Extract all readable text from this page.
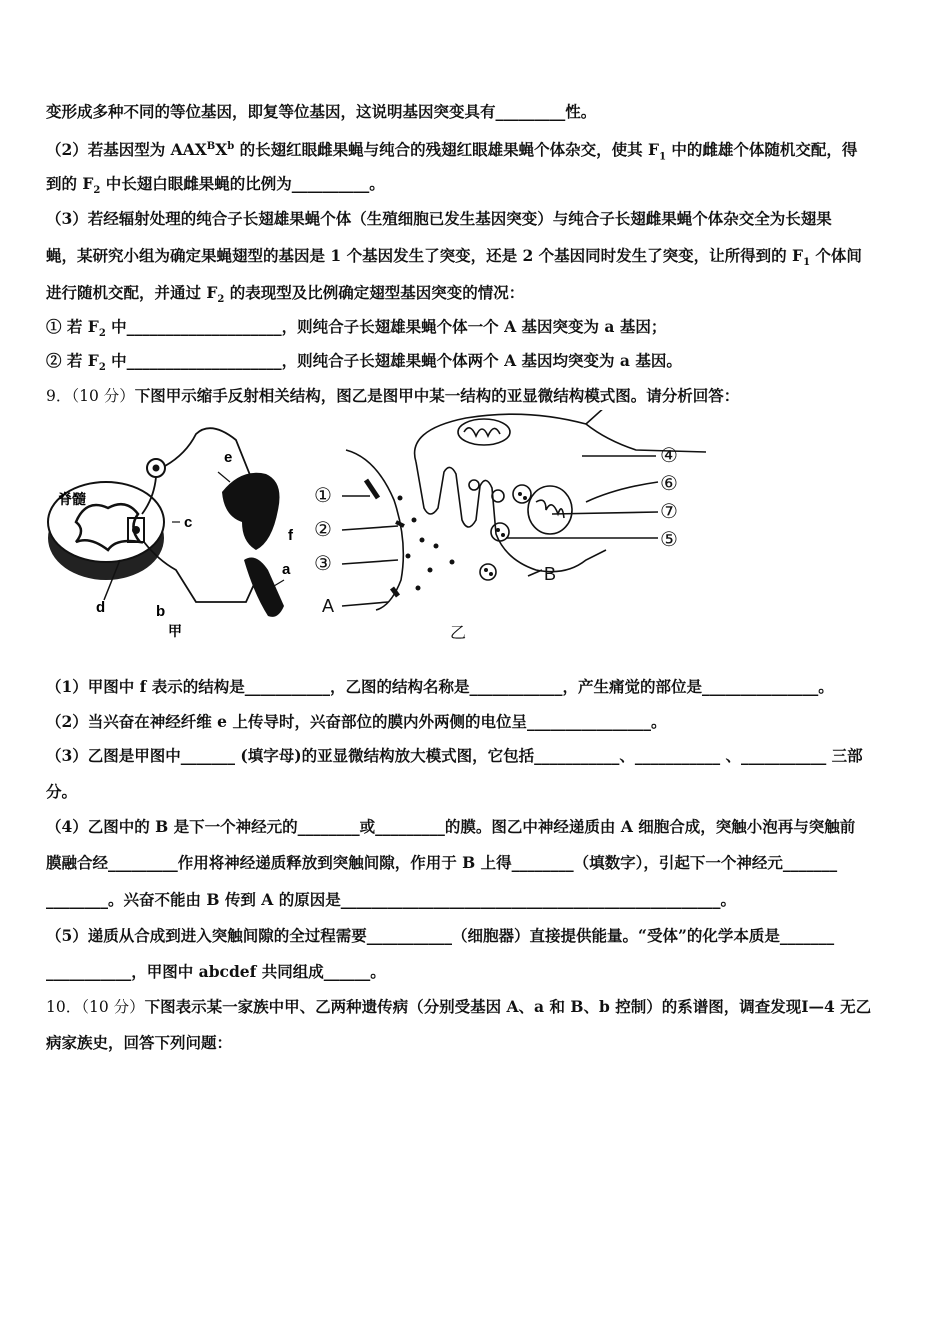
变形成多种不同的等位基因，即复等位基因，这说明基因突变具有_________性。
（2）若基因型为 $AAX^BX^b$ 的长翅红眼雌果蝇与纯合的残翅红眼雄果蝇个体杂交，使其 $F_1$ 中的雌雄个体随机交配，得
到的 $F_2$ 中长翅白眼雌果蝇的比例为__________。
（3）若经辐射处理的纯合子长翅雄果蝇个体（生殖细胞已发生基因突变）与纯合子长翅雌果蝇个体杂交全为长翅果
蝇，某研究小组为确定果蝇翅型的基因是 1 个基因发生了突变，还是 2 个基因同时发生了突变，让所得到的 $F_1$ 个体间
进行随机交配，并通过 $F_2$ 的表现型及比例确定翅型基因突变的情况：
① 若 $F_2$ 中____________________，则纯合子长翅雄果蝇个体一个 A 基因突变为 a 基因；
② 若 $F_2$ 中____________________，则纯合子长翅雄果蝇个体两个 A 基因均突变为 a 基因。
9．（10 分）下图甲示缩手反射相关结构，图乙是图甲中某一结构的亚显微结构模式图。请分析回答：
脊髓
e
c
f
a
d	b
甲
①
②
③
A
④
⑥
⑦
⑤
B
乙
（1）甲图中 f 表示的结构是___________，乙图的结构名称是____________，产生痛觉的部位是_______________。
（2）当兴奋在神经纤维 e 上传导时，兴奋部位的膜内外两侧的电位呈________________。
（3）乙图是甲图中_______ (填字母)的亚显微结构放大模式图，它包括___________、___________ 、___________ 三部
分。
（4）乙图中的 B 是下一个神经元的________或_________的膜。图乙中神经递质由 A 细胞合成，突触小泡再与突触前
膜融合经_________作用将神经递质释放到突触间隙，作用于 B 上得________（填数字），引起下一个神经元_______
________。兴奋不能由 B 传到 A 的原因是_________________________________________________。
（5）递质从合成到进入突触间隙的全过程需要___________（细胞器）直接提供能量。“受体”的化学本质是_______
___________，甲图中 abcdef 共同组成______。
10．（10 分）下图表示某一家族中甲、乙两种遗传病（分别受基因 A、a 和 B、b 控制）的系谱图，调查发现Ⅰ—4 无乙
病家族史，回答下列问题：
